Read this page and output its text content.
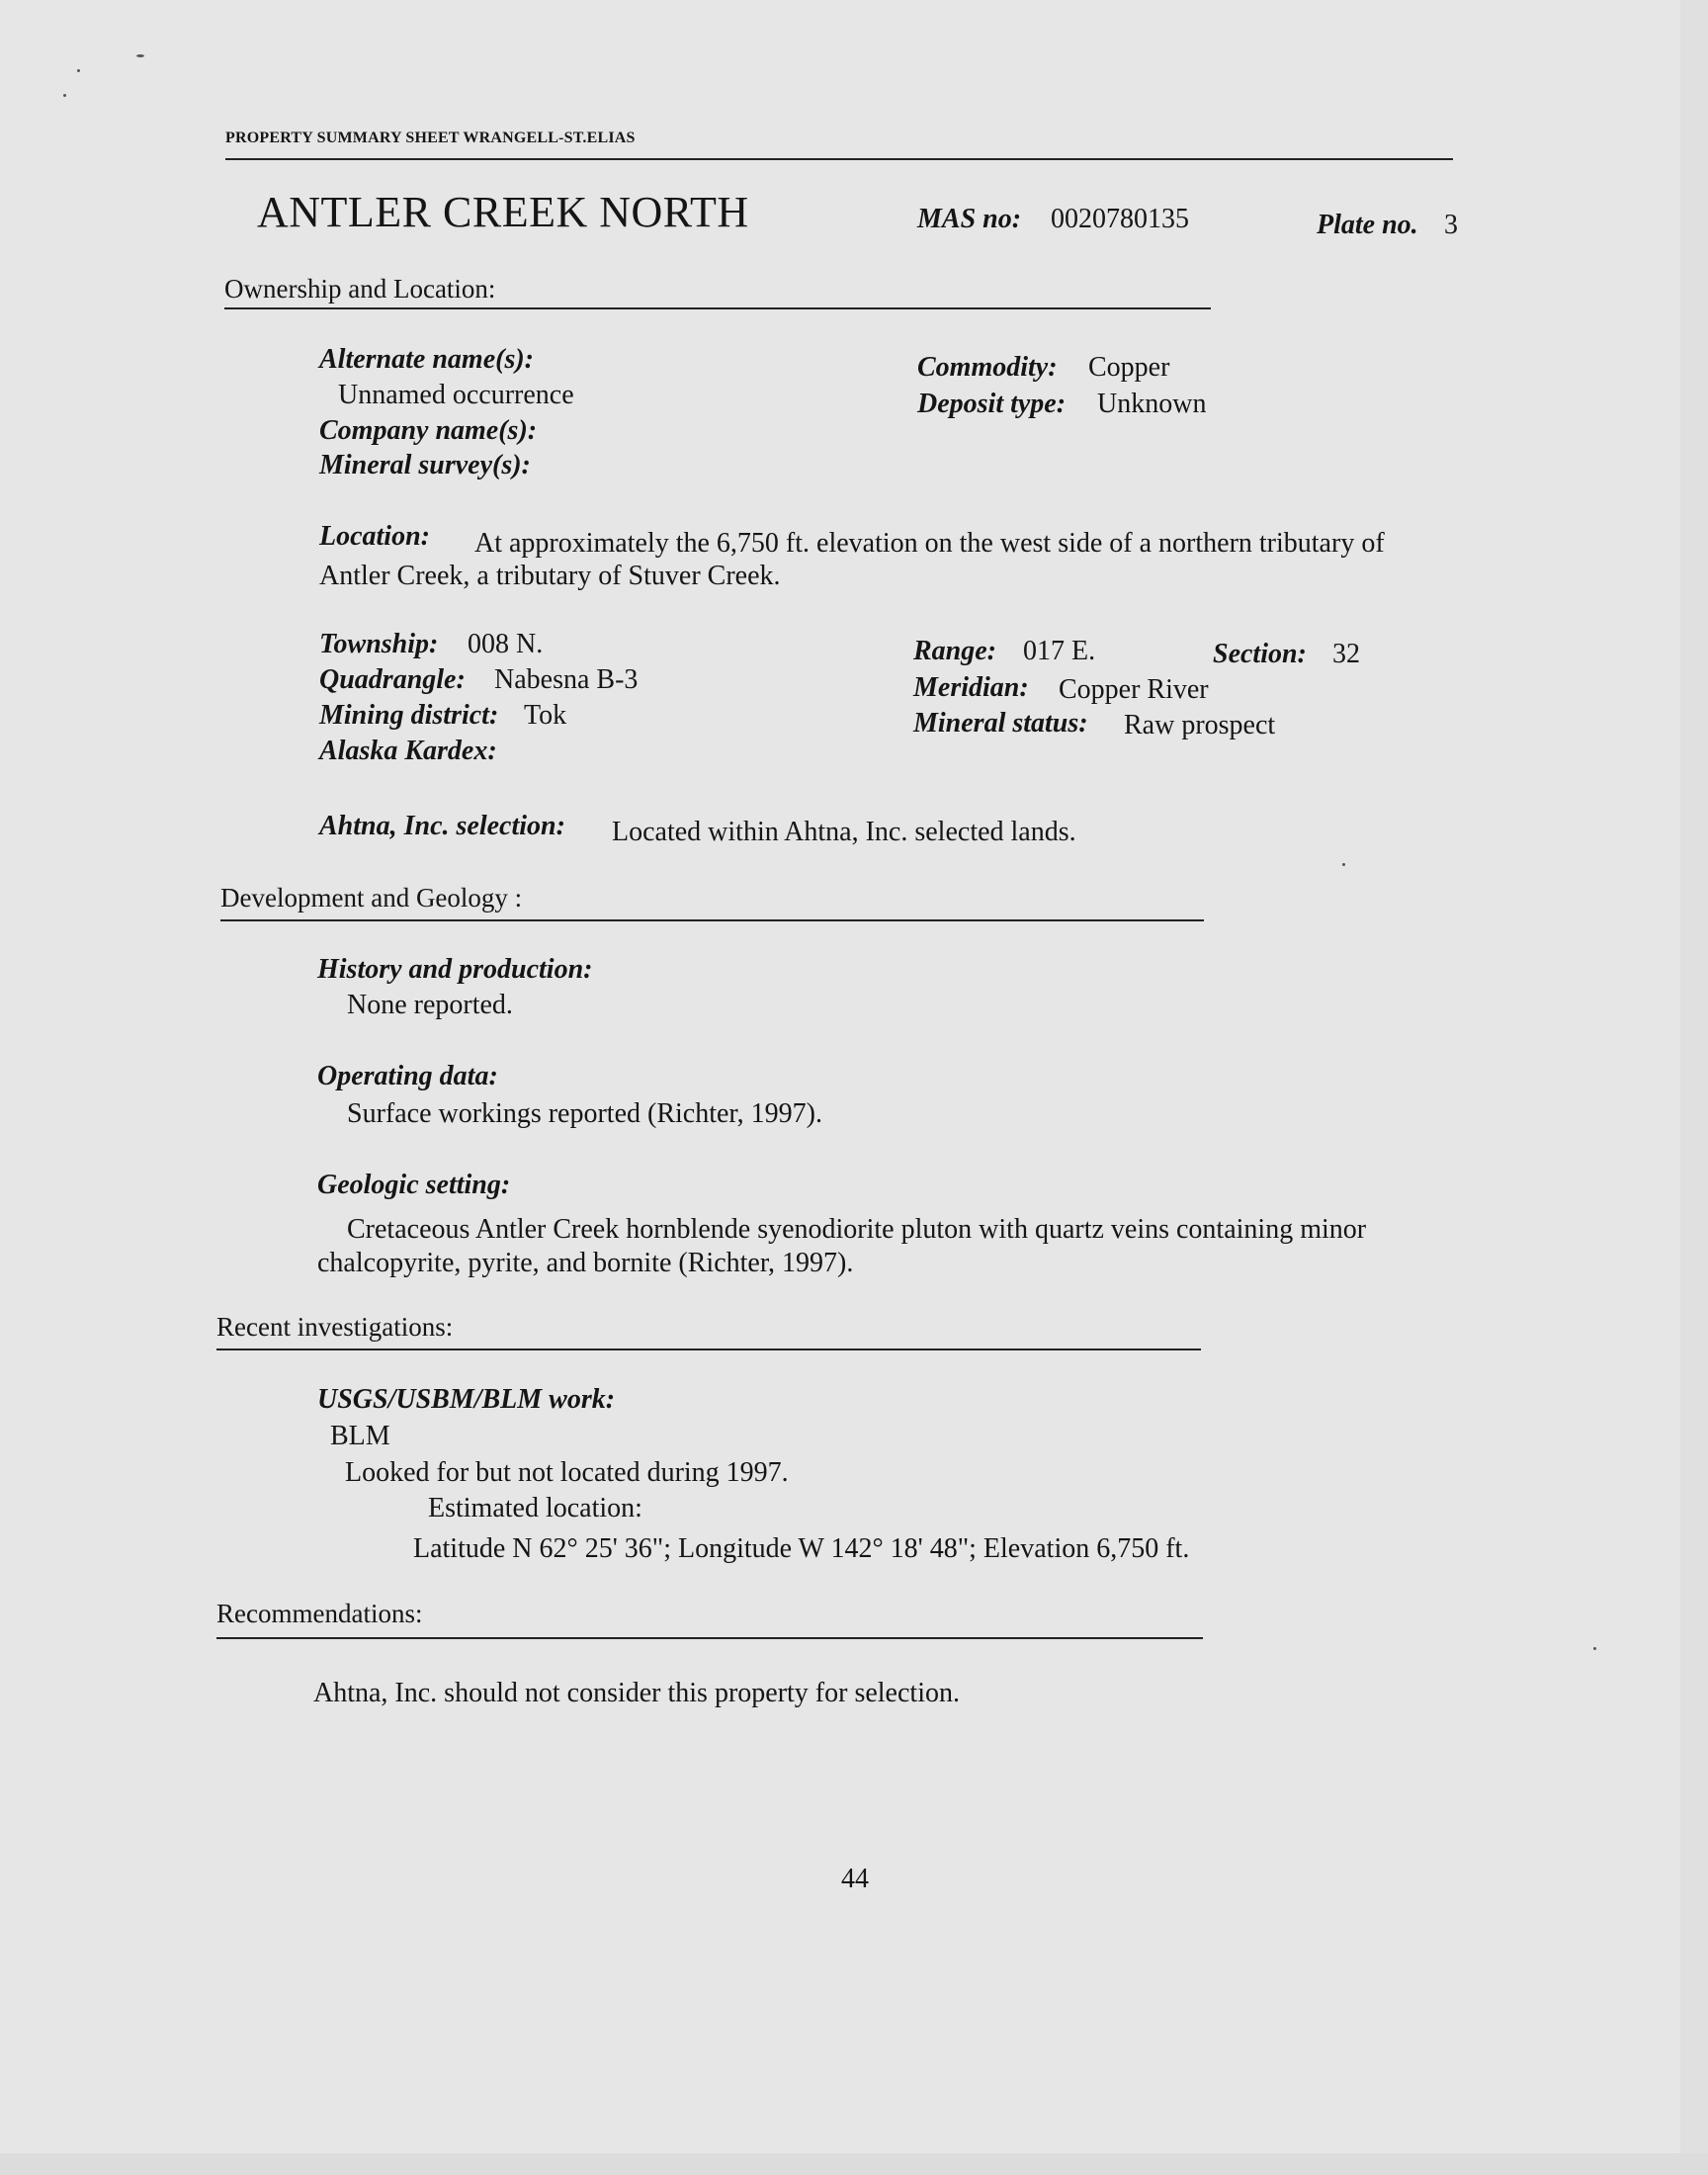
PROPERTY SUMMARY SHEET WRANGELL-ST.ELIAS
ANTLER CREEK NORTH	MAS no: 0020780135	Plate no. 3
Ownership and Location:
Alternate name(s):
Unnamed occurrence
Company name(s):
Mineral survey(s):
Commodity: Copper
Deposit type: Unknown
Location: At approximately the 6,750 ft. elevation on the west side of a northern tributary of
Antler Creek, a tributary of Stuver Creek.
Township: 008 N.
Quadrangle: Nabesna B-3
Mining district: Tok
Alaska Kardex:
Range: 017 E.	Section: 32
Meridian: Copper River
Mineral status: Raw prospect
Ahtna, Inc. selection: Located within Ahtna, Inc. selected lands.
Development and Geology :
History and production:
None reported.
Operating data:
Surface workings reported (Richter, 1997).
Geologic setting:
Cretaceous Antler Creek hornblende syenodiorite pluton with quartz veins containing minor
chalcopyrite, pyrite, and bornite (Richter, 1997).
Recent investigations:
USGS/USBM/BLM work:
BLM
Looked for but not located during 1997.
Estimated location:
Latitude N 62° 25' 36"; Longitude W 142° 18' 48"; Elevation 6,750 ft.
Recommendations:
Ahtna, Inc. should not consider this property for selection.
44
